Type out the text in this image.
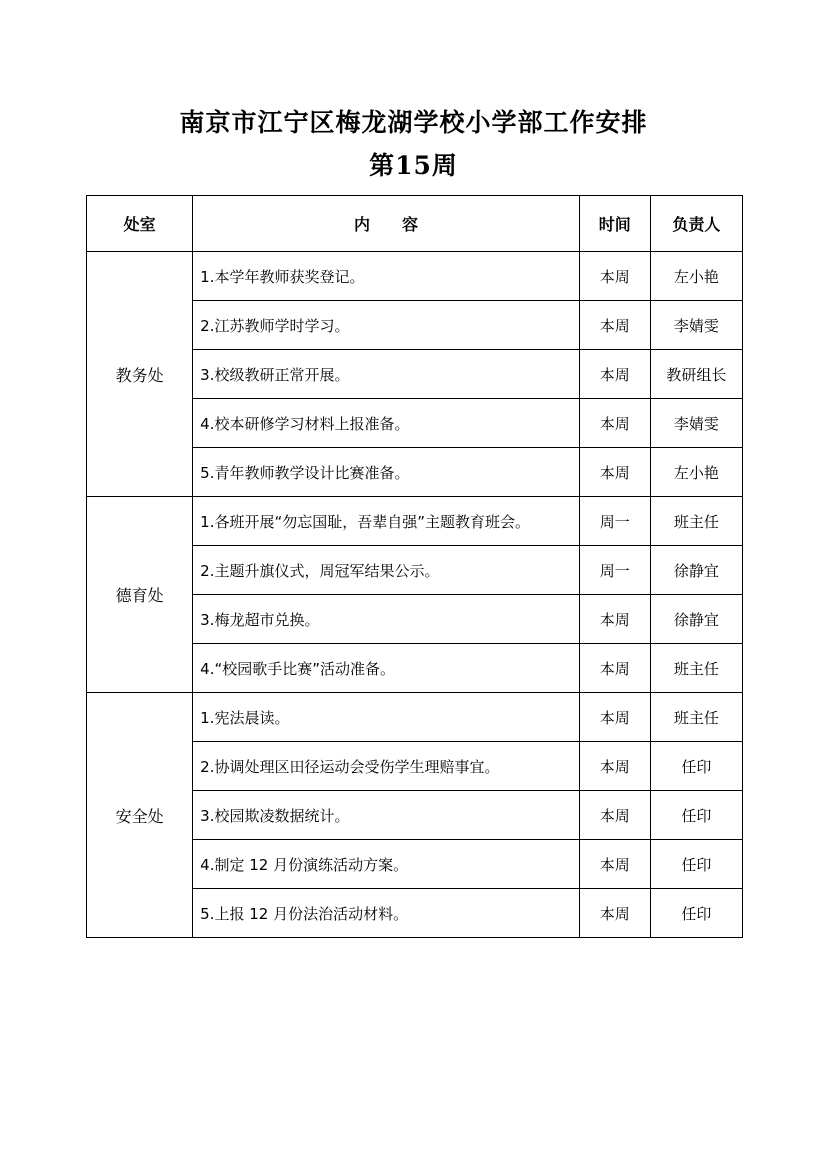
南京市江宁区梅龙湖学校小学部工作安排
第15周
处室	内　　容	时间	负责人
教务处	1.本学年教师获奖登记。	本周	左小艳
	2.江苏教师学时学习。	本周	李婧雯
	3.校级教研正常开展。	本周	教研组长
	4.校本研修学习材料上报准备。	本周	李婧雯
	5.青年教师教学设计比赛准备。	本周	左小艳
德育处	1.各班开展“勿忘国耻，吾辈自强”主题教育班会。	周一	班主任
	2.主题升旗仪式，周冠军结果公示。	周一	徐静宜
	3.梅龙超市兑换。	本周	徐静宜
	4.“校园歌手比赛”活动准备。	本周	班主任
安全处	1.宪法晨读。	本周	班主任
	2.协调处理区田径运动会受伤学生理赔事宜。	本周	任印
	3.校园欺凌数据统计。	本周	任印
	4.制定 12 月份演练活动方案。	本周	任印
	5.上报 12 月份法治活动材料。	本周	任印
